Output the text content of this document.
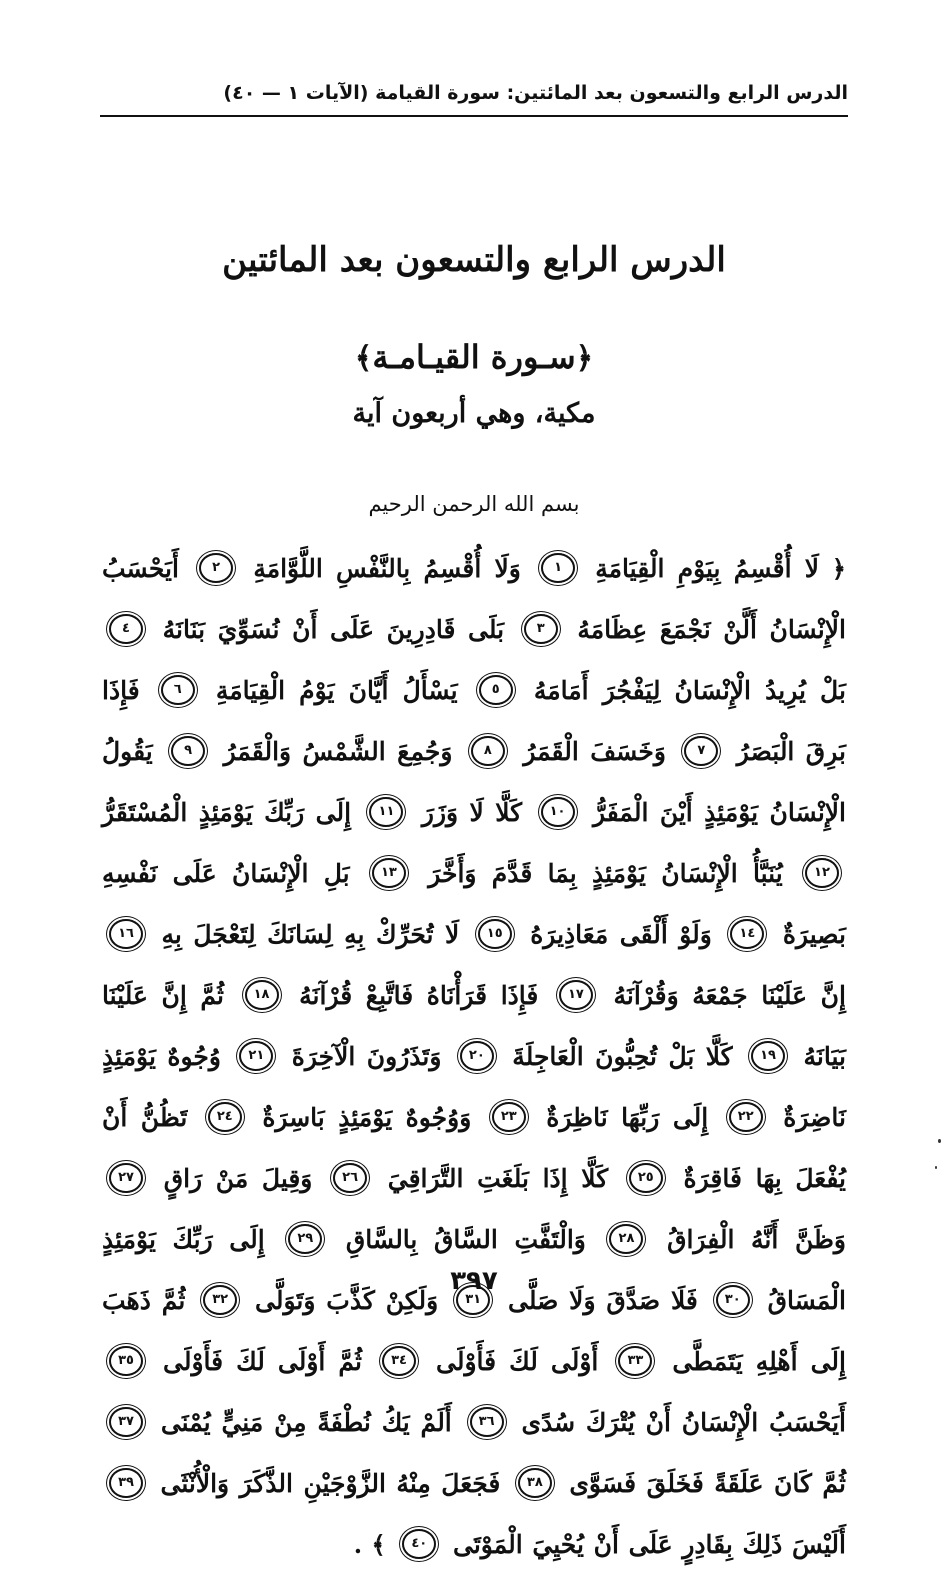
الدرس الرابع والتسعون بعد المائتين: سورة القيامة (الآيات ١ — ٤٠)
الدرس الرابع والتسعون بعد المائتين
﴿سـورة القيـامـة﴾
مكية، وهي أربعون آية
بسم الله الرحمن الرحيم
﴿ لَا أُقْسِمُ بِيَوْمِ الْقِيَامَةِ ١ وَلَا أُقْسِمُ بِالنَّفْسِ اللَّوَّامَةِ ٢ أَيَحْسَبُ الْإِنْسَانُ أَلَّنْ نَجْمَعَ عِظَامَهُ ٣ بَلَى قَادِرِينَ عَلَى أَنْ نُسَوِّيَ بَنَانَهُ ٤ بَلْ يُرِيدُ الْإِنْسَانُ لِيَفْجُرَ أَمَامَهُ ٥ يَسْأَلُ أَيَّانَ يَوْمُ الْقِيَامَةِ ٦ فَإِذَا بَرِقَ الْبَصَرُ ٧ وَخَسَفَ الْقَمَرُ ٨ وَجُمِعَ الشَّمْسُ وَالْقَمَرُ ٩ يَقُولُ الْإِنْسَانُ يَوْمَئِذٍ أَيْنَ الْمَفَرُّ ١٠ كَلَّا لَا وَزَرَ ١١ إِلَى رَبِّكَ يَوْمَئِذٍ الْمُسْتَقَرُّ ١٢ يُنَبَّأُ الْإِنْسَانُ يَوْمَئِذٍ بِمَا قَدَّمَ وَأَخَّرَ ١٣ بَلِ الْإِنْسَانُ عَلَى نَفْسِهِ بَصِيرَةٌ ١٤ وَلَوْ أَلْقَى مَعَاذِيرَهُ ١٥ لَا تُحَرِّكْ بِهِ لِسَانَكَ لِتَعْجَلَ بِهِ ١٦ إِنَّ عَلَيْنَا جَمْعَهُ وَقُرْآنَهُ ١٧ فَإِذَا قَرَأْنَاهُ فَاتَّبِعْ قُرْآنَهُ ١٨ ثُمَّ إِنَّ عَلَيْنَا بَيَانَهُ ١٩ كَلَّا بَلْ تُحِبُّونَ الْعَاجِلَةَ ٢٠ وَتَذَرُونَ الْآخِرَةَ ٢١ وُجُوهٌ يَوْمَئِذٍ نَاضِرَةٌ ٢٢ إِلَى رَبِّهَا نَاظِرَةٌ ٢٣ وَوُجُوهٌ يَوْمَئِذٍ بَاسِرَةٌ ٢٤ تَظُنُّ أَنْ يُفْعَلَ بِهَا فَاقِرَةٌ ٢٥ كَلَّا إِذَا بَلَغَتِ التَّرَاقِيَ ٢٦ وَقِيلَ مَنْ رَاقٍ ٢٧ وَظَنَّ أَنَّهُ الْفِرَاقُ ٢٨ وَالْتَفَّتِ السَّاقُ بِالسَّاقِ ٢٩ إِلَى رَبِّكَ يَوْمَئِذٍ الْمَسَاقُ ٣٠ فَلَا صَدَّقَ وَلَا صَلَّى ٣١ وَلَكِنْ كَذَّبَ وَتَوَلَّى ٣٢ ثُمَّ ذَهَبَ إِلَى أَهْلِهِ يَتَمَطَّى ٣٣ أَوْلَى لَكَ فَأَوْلَى ٣٤ ثُمَّ أَوْلَى لَكَ فَأَوْلَى ٣٥ أَيَحْسَبُ الْإِنْسَانُ أَنْ يُتْرَكَ سُدًى ٣٦ أَلَمْ يَكُ نُطْفَةً مِنْ مَنِيٍّ يُمْنَى ٣٧ ثُمَّ كَانَ عَلَقَةً فَخَلَقَ فَسَوَّى ٣٨ فَجَعَلَ مِنْهُ الزَّوْجَيْنِ الذَّكَرَ وَالْأُنْثَى ٣٩ أَلَيْسَ ذَلِكَ بِقَادِرٍ عَلَى أَنْ يُحْيِيَ الْمَوْتَى ٤٠ ﴾ .
٣٩٧
